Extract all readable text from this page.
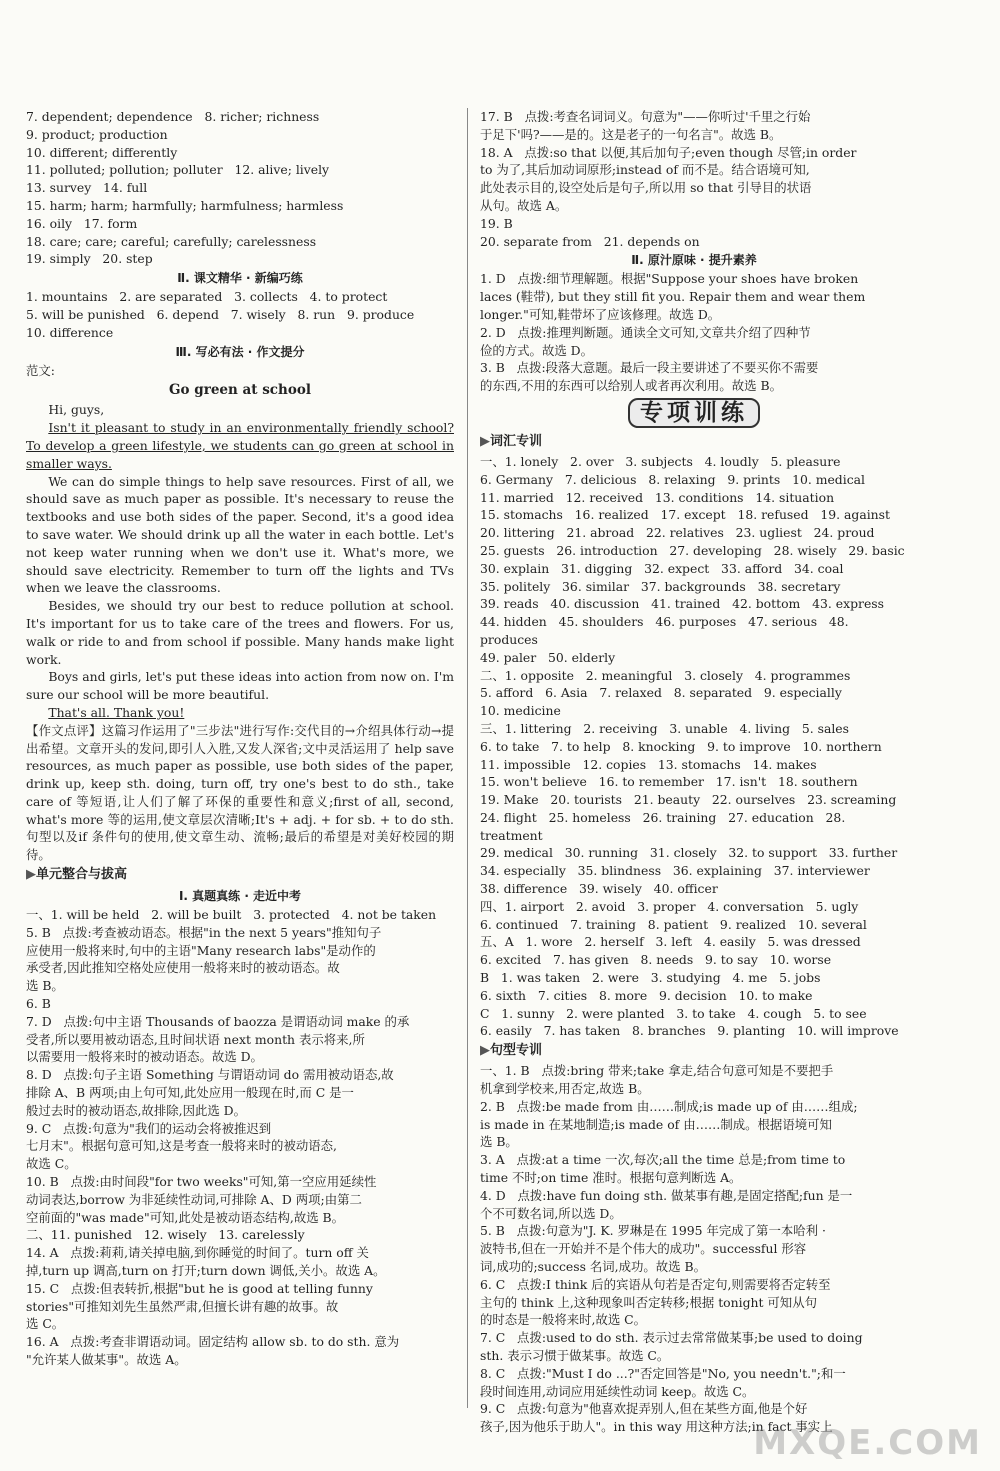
7. dependent; dependence   8. richer; richness
9. product; production
10. different; differently
11. polluted; pollution; polluter   12. alive; lively
13. survey   14. full
15. harm; harm; harmfully; harmfulness; harmless
16. oily   17. form
18. care; care; careful; carefully; carelessness
19. simply   20. step
Ⅱ. 课文精华 · 新编巧练
1. mountains   2. are separated   3. collects   4. to protect
5. will be punished   6. depend   7. wisely   8. run   9. produce
10. difference
Ⅲ. 写必有法 · 作文提分
范文:
Go green at school
Hi, guys,
Isn't it pleasant to study in an environmentally friendly school? To develop a green lifestyle, we students can go green at school in smaller ways.
We can do simple things to help save resources. First of all, we should save as much paper as possible. It's necessary to reuse the textbooks and use both sides of the paper. Second, it's a good idea to save water. We should drink up all the water in each bottle. Let's not keep water running when we don't use it. What's more, we should save electricity. Remember to turn off the lights and TVs when we leave the classrooms.
Besides, we should try our best to reduce pollution at school. It's important for us to take care of the trees and flowers. For us, walk or ride to and from school if possible. Many hands make light work.
Boys and girls, let's put these ideas into action from now on. I'm sure our school will be more beautiful.
That's all. Thank you!
【作文点评】这篇习作运用了"三步法"进行写作:交代目的→介绍具体行动→提出希望。文章开头的发问,即引人入胜,又发人深省;文中灵活运用了 help save resources, as much paper as possible, use both sides of the paper, drink up, keep sth. doing, turn off, try one's best to do sth., take care of 等短语,让人们了解了环保的重要性和意义;first of all, second, what's more 等的运用,使文章层次清晰;It's + adj. + for sb. + to do sth. 句型以及if 条件句的使用,使文章生动、流畅;最后的希望是对美好校园的期待。
▶单元整合与拔高
Ⅰ. 真题真练 · 走近中考
一、1. will be held   2. will be built   3. protected   4. not be taken
5. B   点拨:考查被动语态。根据"in the next 5 years"推知句子
应使用一般将来时,句中的主语"Many research labs"是动作的
承受者,因此推知空格处应使用一般将来时的被动语态。故
选 B。
6. B
7. D   点拨:句中主语 Thousands of baozza 是谓语动词 make 的承
受者,所以要用被动语态,且时间状语 next month 表示将来,所
以需要用一般将来时的被动语态。故选 D。
8. D   点拨:句子主语 Something 与谓语动词 do 需用被动语态,故
排除 A、B 两项;由上句可知,此处应用一般现在时,而 C 是一
般过去时的被动语态,故排除,因此选 D。
9. C   点拨:句意为"我们的运动会将被推迟到
七月末"。根据句意可知,这是考查一般将来时的被动语态,
故选 C。
10. B   点拨:由时间段"for two weeks"可知,第一空应用延续性
动词表达,borrow 为非延续性动词,可排除 A、D 两项;由第二
空前面的"was made"可知,此处是被动语态结构,故选 B。
二、11. punished   12. wisely   13. carelessly
14. A   点拨:莉莉,请关掉电脑,到你睡觉的时间了。turn off 关
掉,turn up 调高,turn on 打开;turn down 调低,关小。故选 A。
15. C   点拨:但表转折,根据"but he is good at telling funny
stories"可推知刘先生虽然严肃,但擅长讲有趣的故事。故
选 C。
16. A   点拨:考查非谓语动词。固定结构 allow sb. to do sth. 意为
"允许某人做某事"。故选 A。
17. B   点拨:考查名词词义。句意为"——你听过'千里之行始
于足下'吗?——是的。这是老子的一句名言"。故选 B。
18. A   点拨:so that 以便,其后加句子;even though 尽管;in order
to 为了,其后加动词原形;instead of 而不是。结合语境可知,
此处表示目的,设空处后是句子,所以用 so that 引导目的状语
从句。故选 A。
19. B
20. separate from   21. depends on
Ⅱ. 原汁原味 · 提升素养
1. D   点拨:细节理解题。根据"Suppose your shoes have broken
laces (鞋带), but they still fit you. Repair them and wear them
longer."可知,鞋带坏了应该修理。故选 D。
2. D   点拨:推理判断题。通读全文可知,文章共介绍了四种节
俭的方式。故选 D。
3. B   点拨:段落大意题。最后一段主要讲述了不要买你不需要
的东西,不用的东西可以给别人或者再次利用。故选 B。
专项训练
▶词汇专训
一、1. lonely   2. over   3. subjects   4. loudly   5. pleasure
6. Germany   7. delicious   8. relaxing   9. prints   10. medical
11. married   12. received   13. conditions   14. situation
15. stomachs   16. realized   17. except   18. refused   19. against
20. littering   21. abroad   22. relatives   23. ugliest   24. proud
25. guests   26. introduction   27. developing   28. wisely   29. basic
30. explain   31. digging   32. expect   33. afford   34. coal
35. politely   36. similar   37. backgrounds   38. secretary
39. reads   40. discussion   41. trained   42. bottom   43. express
44. hidden   45. shoulders   46. purposes   47. serious   48. produces
49. paler   50. elderly
二、1. opposite   2. meaningful   3. closely   4. programmes
5. afford   6. Asia   7. relaxed   8. separated   9. especially
10. medicine
三、1. littering   2. receiving   3. unable   4. living   5. sales
6. to take   7. to help   8. knocking   9. to improve   10. northern
11. impossible   12. copies   13. stomachs   14. makes
15. won't believe   16. to remember   17. isn't   18. southern
19. Make   20. tourists   21. beauty   22. ourselves   23. screaming
24. flight   25. homeless   26. training   27. education   28. treatment
29. medical   30. running   31. closely   32. to support   33. further
34. especially   35. blindness   36. explaining   37. interviewer
38. difference   39. wisely   40. officer
四、1. airport   2. avoid   3. proper   4. conversation   5. ugly
6. continued   7. training   8. patient   9. realized   10. several
五、A   1. wore   2. herself   3. left   4. easily   5. was dressed
6. excited   7. has given   8. needs   9. to say   10. worse
B   1. was taken   2. were   3. studying   4. me   5. jobs
6. sixth   7. cities   8. more   9. decision   10. to make
C   1. sunny   2. were planted   3. to take   4. cough   5. to see
6. easily   7. has taken   8. branches   9. planting   10. will improve
▶句型专训
一、1. B   点拨:bring 带来;take 拿走,结合句意可知是不要把手
机拿到学校来,用否定,故选 B。
2. B   点拨:be made from 由……制成;is made up of 由……组成;
is made in 在某地制造;is made of 由……制成。根据语境可知
选 B。
3. A   点拨:at a time 一次,每次;all the time 总是;from time to
time 不时;on time 准时。根据句意判断选 A。
4. D   点拨:have fun doing sth. 做某事有趣,是固定搭配;fun 是一
个不可数名词,所以选 D。
5. B   点拨:句意为"J. K. 罗琳是在 1995 年完成了第一本哈利 ·
波特书,但在一开始并不是个伟大的成功"。successful 形容
词,成功的;success 名词,成功。故选 B。
6. C   点拨:I think 后的宾语从句若是否定句,则需要将否定转至
主句的 think 上,这种现象叫否定转移;根据 tonight 可知从句
的时态是一般将来时,故选 C。
7. C   点拨:used to do sth. 表示过去常常做某事;be used to doing
sth. 表示习惯于做某事。故选 C。
8. C   点拨:"Must I do ...?"否定回答是"No, you needn't.";和一
段时间连用,动词应用延续性动词 keep。故选 C。
9. C   点拨:句意为"他喜欢捉弄别人,但在某些方面,他是个好
孩子,因为他乐于助人"。in this way 用这种方法;in fact 事实上
MXQE.COM
